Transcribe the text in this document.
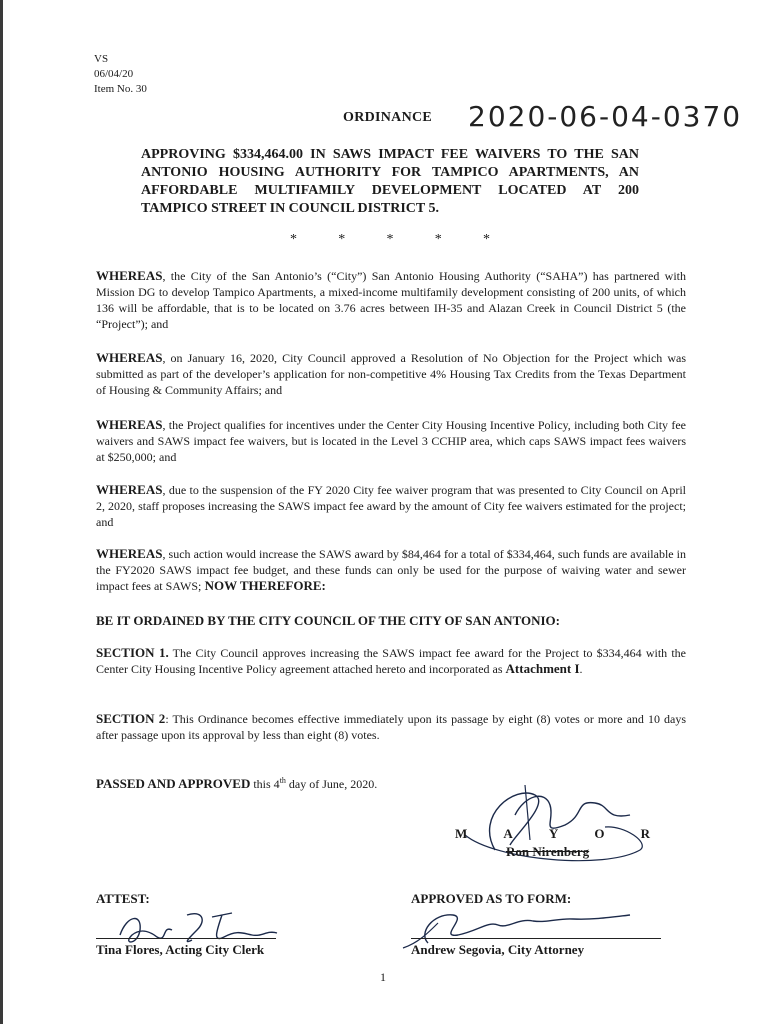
VS
06/04/20
Item No. 30
ORDINANCE 2020-06-04-0370
APPROVING $334,464.00 IN SAWS IMPACT FEE WAIVERS TO THE SAN ANTONIO HOUSING AUTHORITY FOR TAMPICO APARTMENTS, AN AFFORDABLE MULTIFAMILY DEVELOPMENT LOCATED AT 200 TAMPICO STREET IN COUNCIL DISTRICT 5.
*	*	*	*	*
WHEREAS, the City of the San Antonio’s (“City”) San Antonio Housing Authority (“SAHA”) has partnered with Mission DG to develop Tampico Apartments, a mixed-income multifamily development consisting of 200 units, of which 136 will be affordable, that is to be located on 3.76 acres between IH-35 and Alazan Creek in Council District 5 (the “Project”); and
WHEREAS, on January 16, 2020, City Council approved a Resolution of No Objection for the Project which was submitted as part of the developer’s application for non-competitive 4% Housing Tax Credits from the Texas Department of Housing & Community Affairs; and
WHEREAS, the Project qualifies for incentives under the Center City Housing Incentive Policy, including both City fee waivers and SAWS impact fee waivers, but is located in the Level 3 CCHIP area, which caps SAWS impact fees waivers at $250,000; and
WHEREAS, due to the suspension of the FY 2020 City fee waiver program that was presented to City Council on April 2, 2020, staff proposes increasing the SAWS impact fee award by the amount of City fee waivers estimated for the project; and
WHEREAS, such action would increase the SAWS award by $84,464 for a total of $334,464, such funds are available in the FY2020 SAWS impact fee budget, and these funds can only be used for the purpose of waiving water and sewer impact fees at SAWS; NOW THEREFORE:
BE IT ORDAINED BY THE CITY COUNCIL OF THE CITY OF SAN ANTONIO:
SECTION 1. The City Council approves increasing the SAWS impact fee award for the Project to $334,464 with the Center City Housing Incentive Policy agreement attached hereto and incorporated as Attachment I.
SECTION 2: This Ordinance becomes effective immediately upon its passage by eight (8) votes or more and 10 days after passage upon its approval by less than eight (8) votes.
PASSED AND APPROVED this 4th day of June, 2020.
M	A	Y	O	R
Ron Nirenberg
ATTEST:	APPROVED AS TO FORM:
Tina Flores, Acting City Clerk	Andrew Segovia, City Attorney
1
